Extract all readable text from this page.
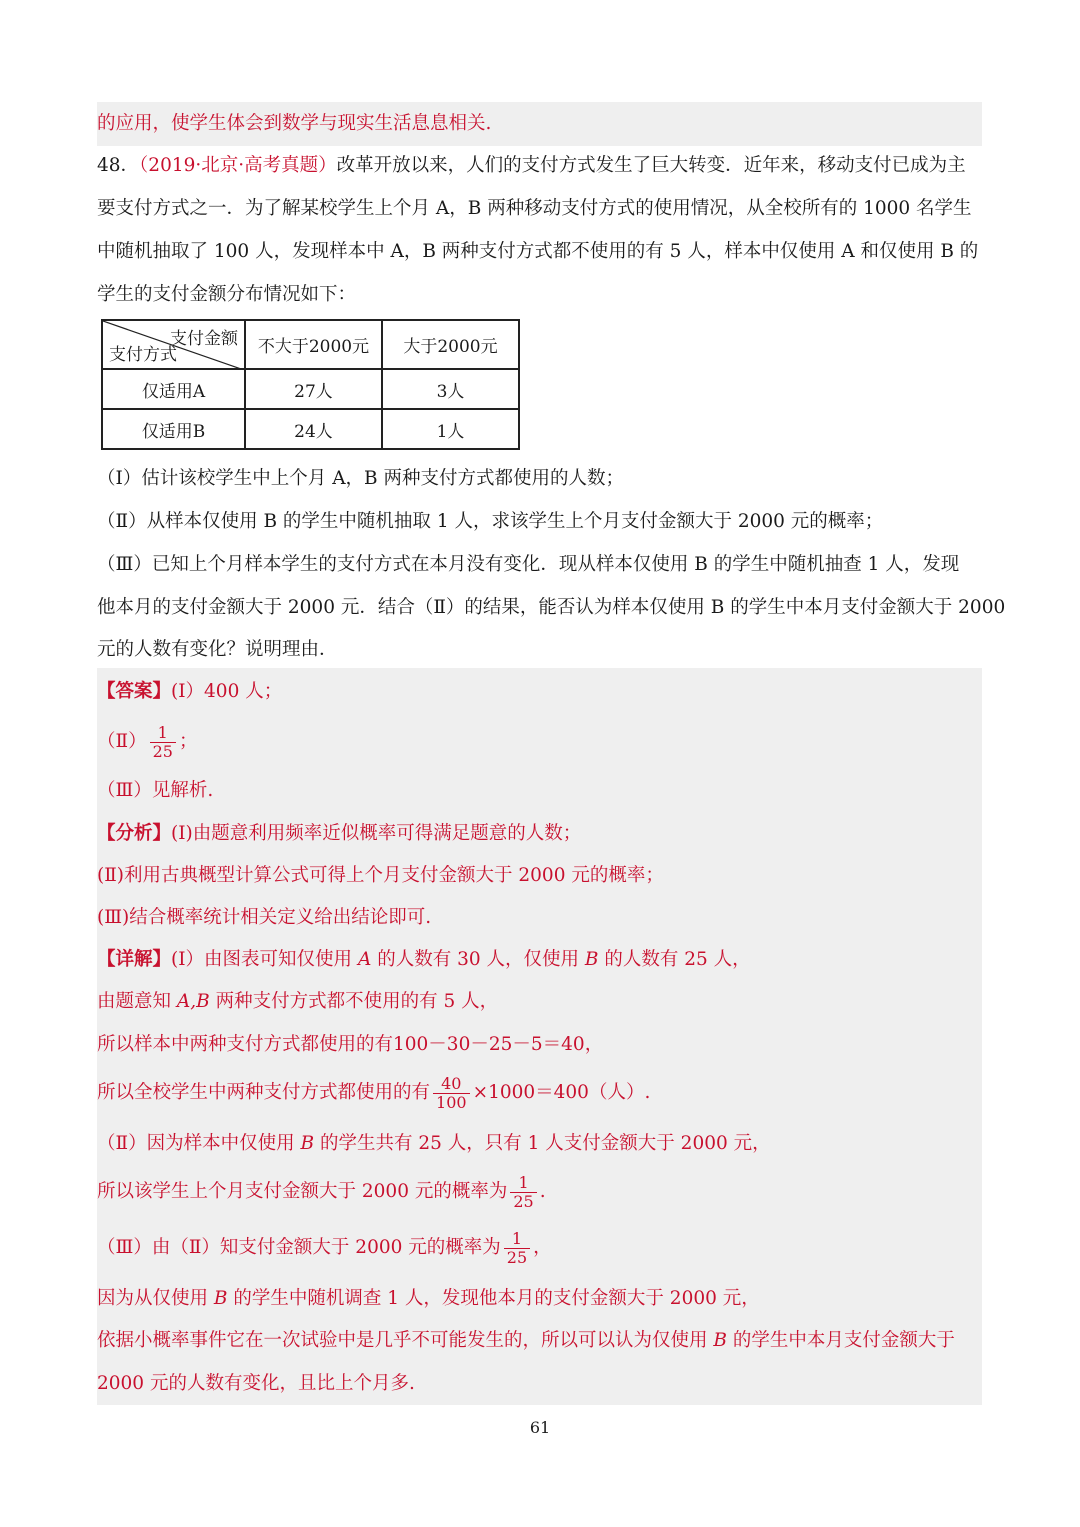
的应用，使学生体会到数学与现实生活息息相关.
48．（2019·北京·高考真题）改革开放以来，人们的支付方式发生了巨大转变．近年来，移动支付已成为主
要支付方式之一．为了解某校学生上个月 A，B 两种移动支付方式的使用情况，从全校所有的 1000 名学生
中随机抽取了 100 人，发现样本中 A，B 两种支付方式都不使用的有 5 人，样本中仅使用 A 和仅使用 B 的
学生的支付金额分布情况如下：
支付金额
支付方式	不大于2000元	大于2000元
仅适用A	27人	3人
仅适用B	24人	1人
（Ⅰ）估计该校学生中上个月 A，B 两种支付方式都使用的人数；
（Ⅱ）从样本仅使用 B 的学生中随机抽取 1 人，求该学生上个月支付金额大于 2000 元的概率；
（Ⅲ）已知上个月样本学生的支付方式在本月没有变化．现从样本仅使用 B 的学生中随机抽查 1 人，发现
他本月的支付金额大于 2000 元．结合（Ⅱ）的结果，能否认为样本仅使用 B 的学生中本月支付金额大于 2000
元的人数有变化？说明理由．
【答案】(Ⅰ）400 人；
（Ⅱ） $\frac{1}{25}$ ；
（Ⅲ）见解析.
【分析】(Ⅰ)由题意利用频率近似概率可得满足题意的人数；
(Ⅱ)利用古典概型计算公式可得上个月支付金额大于 2000 元的概率；
(Ⅲ)结合概率统计相关定义给出结论即可.
【详解】(Ⅰ）由图表可知仅使用 A 的人数有 30 人，仅使用 B 的人数有 25 人，
由题意知 A,B 两种支付方式都不使用的有 5 人，
所以样本中两种支付方式都使用的有100－30－25－5＝40，
所以全校学生中两种支付方式都使用的有 $\frac{40}{100} \times 1000=400$（人）.
（Ⅱ）因为样本中仅使用 B 的学生共有 25 人，只有 1 人支付金额大于 2000 元，
所以该学生上个月支付金额大于 2000 元的概率为 $\frac{1}{25}$ .
（Ⅲ）由（Ⅱ）知支付金额大于 2000 元的概率为 $\frac{1}{25}$ ，
因为从仅使用 B 的学生中随机调查 1 人，发现他本月的支付金额大于 2000 元，
依据小概率事件它在一次试验中是几乎不可能发生的，所以可以认为仅使用 B 的学生中本月支付金额大于
2000 元的人数有变化，且比上个月多.
61
